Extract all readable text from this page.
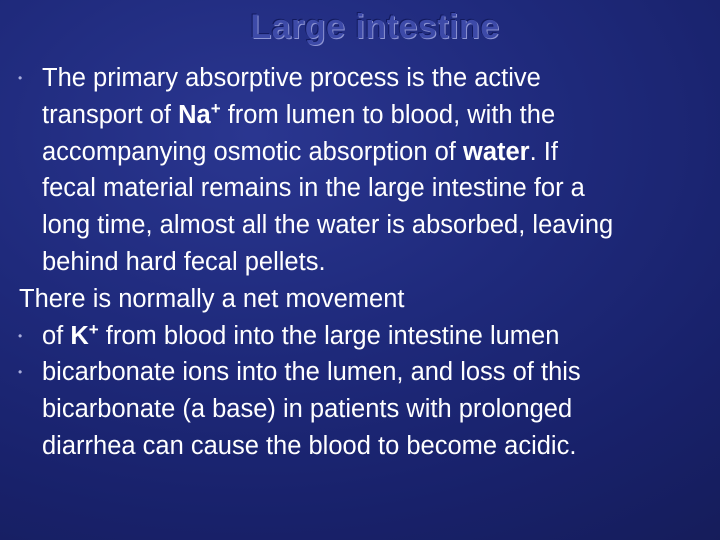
Large intestine
• The primary absorptive process is the active
transport of Na+ from lumen to blood, with the
accompanying osmotic absorption of water. If
fecal material remains in the large intestine for a
long time, almost all the water is absorbed, leaving
behind hard fecal pellets.
There is normally a net movement
• of K+ from blood into the large intestine lumen
• bicarbonate ions into the lumen, and loss of this
bicarbonate (a base) in patients with prolonged
diarrhea can cause the blood to become acidic.
